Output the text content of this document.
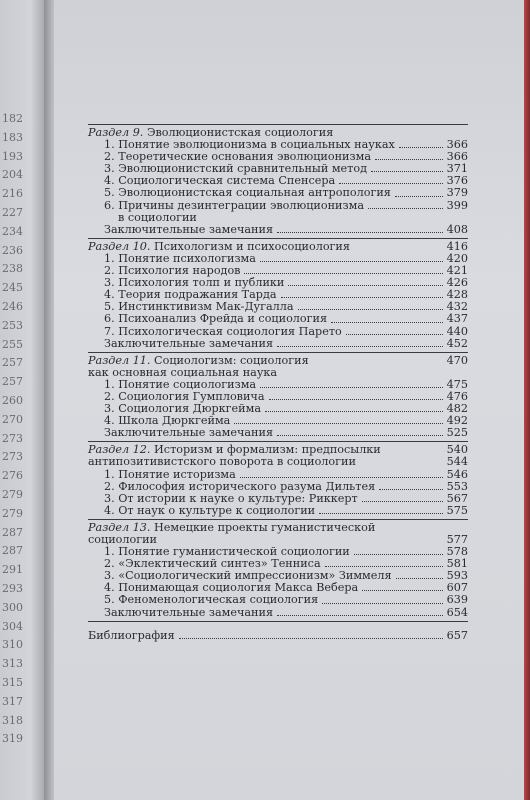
182
183
193
204
216
227
234
236
238
245
246
253
255
257
257
260
270
273
273
276
279
279
287
287
291
293
300
304
310
313
315
317
318
319
Раздел 9. Эволюционистская социология
1. Понятие эволюционизма в социальных науках	366
2. Теоретические основания эволюционизма	366
3. Эволюционистский сравнительный метод	371
4. Социологическая система Спенсера	376
5. Эволюционистская социальная антропология	379
6. Причины дезинтеграции эволюционизма	399
в социологии
Заключительные замечания	408
Раздел 10. Психологизм и психосоциология	416
1. Понятие психологизма	420
2. Психология народов	421
3. Психология толп и публики	426
4. Теория подражания Тарда	428
5. Инстинктивизм Мак-Дугалла	432
6. Психоанализ Фрейда и социология	437
7. Психологическая социология Парето	440
Заключительные замечания	452
Раздел 11. Социологизм: социология	470
как основная социальная наука
1. Понятие социологизма	475
2. Социология Гумпловича	476
3. Социология Дюркгейма	482
4. Школа Дюркгейма	492
Заключительные замечания	525
Раздел 12. Историзм и формализм: предпосылки	540
антипозитивистского поворота в социологии	544
1. Понятие историзма	546
2. Философия исторического разума Дильтея	553
3. От истории к науке о культуре: Риккерт	567
4. От наук о культуре к социологии	575
Раздел 13. Немецкие проекты гуманистической социологии	577
1. Понятие гуманистической социологии	578
2. «Эклектический синтез» Тенниса	581
3. «Социологический импрессионизм» Зиммеля	593
4. Понимающая социология Макса Вебера	607
5. Феноменологическая социология	639
Заключительные замечания	654
Библиография	657
